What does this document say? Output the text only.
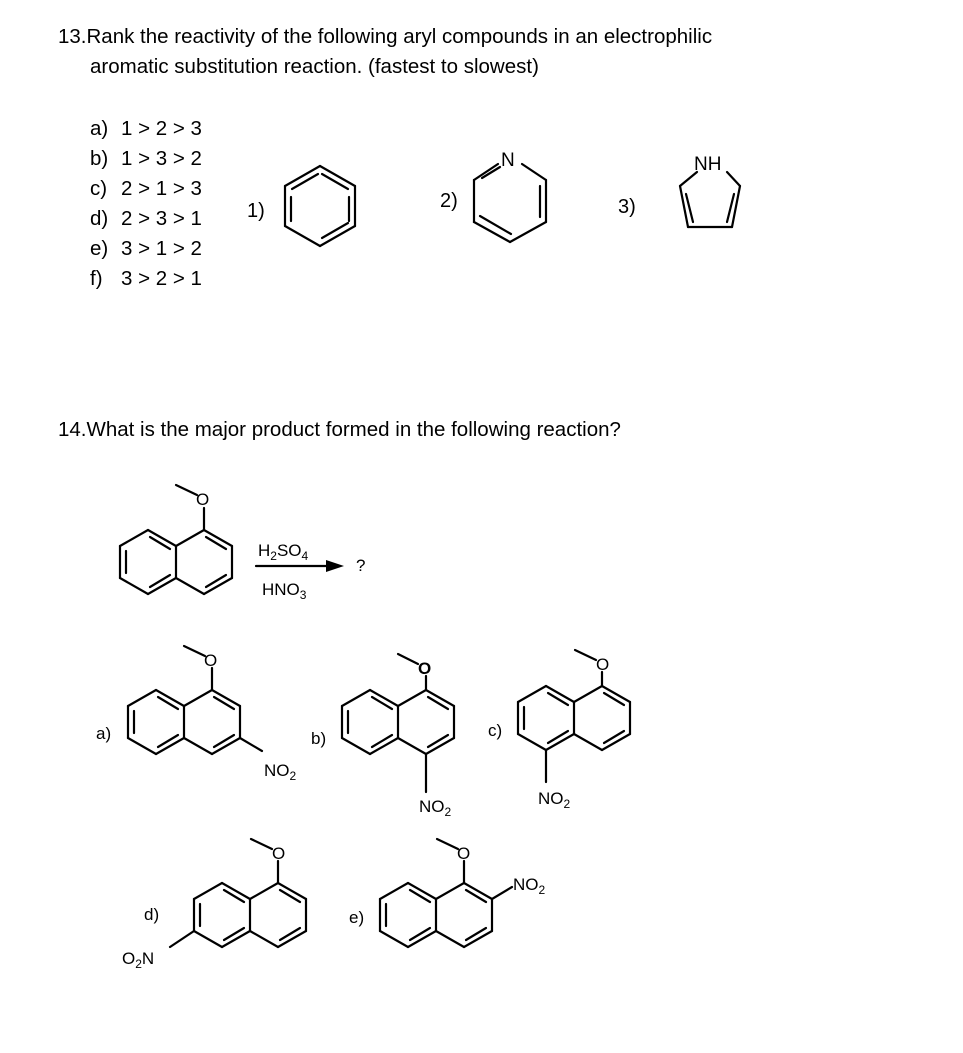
13.Rank the reactivity of the following aryl compounds in an electrophilic
aromatic substitution reaction. (fastest to slowest)
a) 1 > 2 > 3
b) 1 > 3 > 2
c) 2 > 1 > 3
d) 2 > 3 > 1
e) 3 > 1 > 2
f) 3 > 2 > 1
14.What is the major product formed in the following reaction?
1)	2)	3)
N	NH
O
$H_2SO_4$
$HNO_3$
?
a)
O
$NO_2$
b)
O
$NO_2$
c)
O
$NO_2$
d)
O
$O_2N$
e)
O
$NO_2$
